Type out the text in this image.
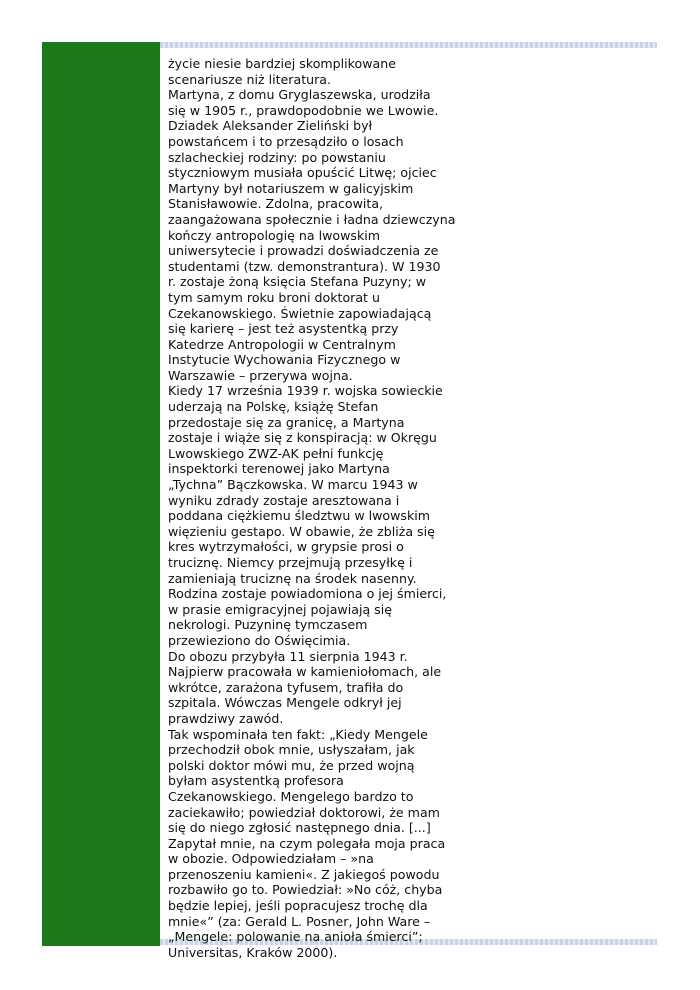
życie niesie bardziej skomplikowane
scenariusze niż literatura.
Martyna, z domu Gryglaszewska, urodziła
się w 1905 r., prawdopodobnie we Lwowie.
Dziadek Aleksander Zieliński był
powstańcem i to przesądziło o losach
szlacheckiej rodziny: po powstaniu
styczniowym musiała opuścić Litwę; ojciec
Martyny był notariuszem w galicyjskim
Stanisławowie. Zdolna, pracowita,
zaangażowana społecznie i ładna dziewczyna
kończy antropologię na lwowskim
uniwersytecie i prowadzi doświadczenia ze
studentami (tzw. demonstrantura). W 1930
r. zostaje żoną księcia Stefana Puzyny; w
tym samym roku broni doktorat u
Czekanowskiego. Świetnie zapowiadającą
się karierę – jest też asystentką przy
Katedrze Antropologii w Centralnym
Instytucie Wychowania Fizycznego w
Warszawie – przerywa wojna.
Kiedy 17 września 1939 r. wojska sowieckie
uderzają na Polskę, książę Stefan
przedostaje się za granicę, a Martyna
zostaje i wiąże się z konspiracją: w Okręgu
Lwowskiego ZWZ-AK pełni funkcję
inspektorki terenowej jako Martyna
„Tychna” Bączkowska. W marcu 1943 w
wyniku zdrady zostaje aresztowana i
poddana ciężkiemu śledztwu w lwowskim
więzieniu gestapo. W obawie, że zbliża się
kres wytrzymałości, w grypsie prosi o
truciznę. Niemcy przejmują przesyłkę i
zamieniają truciznę na środek nasenny.
Rodzina zostaje powiadomiona o jej śmierci,
w prasie emigracyjnej pojawiają się
nekrologi. Puzyninę tymczasem
przewieziono do Oświęcimia.
Do obozu przybyła 11 sierpnia 1943 r.
Najpierw pracowała w kamieniołomach, ale
wkrótce, zarażona tyfusem, trafiła do
szpitala. Wówczas Mengele odkrył jej
prawdziwy zawód.
Tak wspominała ten fakt: „Kiedy Mengele
przechodził obok mnie, usłyszałam, jak
polski doktor mówi mu, że przed wojną
byłam asystentką profesora
Czekanowskiego. Mengelego bardzo to
zaciekawiło; powiedział doktorowi, że mam
się do niego zgłosić następnego dnia. [...]
Zapytał mnie, na czym polegała moja praca
w obozie. Odpowiedziałam – »na
przenoszeniu kamieni«. Z jakiegoś powodu
rozbawiło go to. Powiedział: »No cóż, chyba
będzie lepiej, jeśli popracujesz trochę dla
mnie«” (za: Gerald L. Posner, John Ware –
„Mengele: polowanie na anioła śmierci”;
Universitas, Kraków 2000).
